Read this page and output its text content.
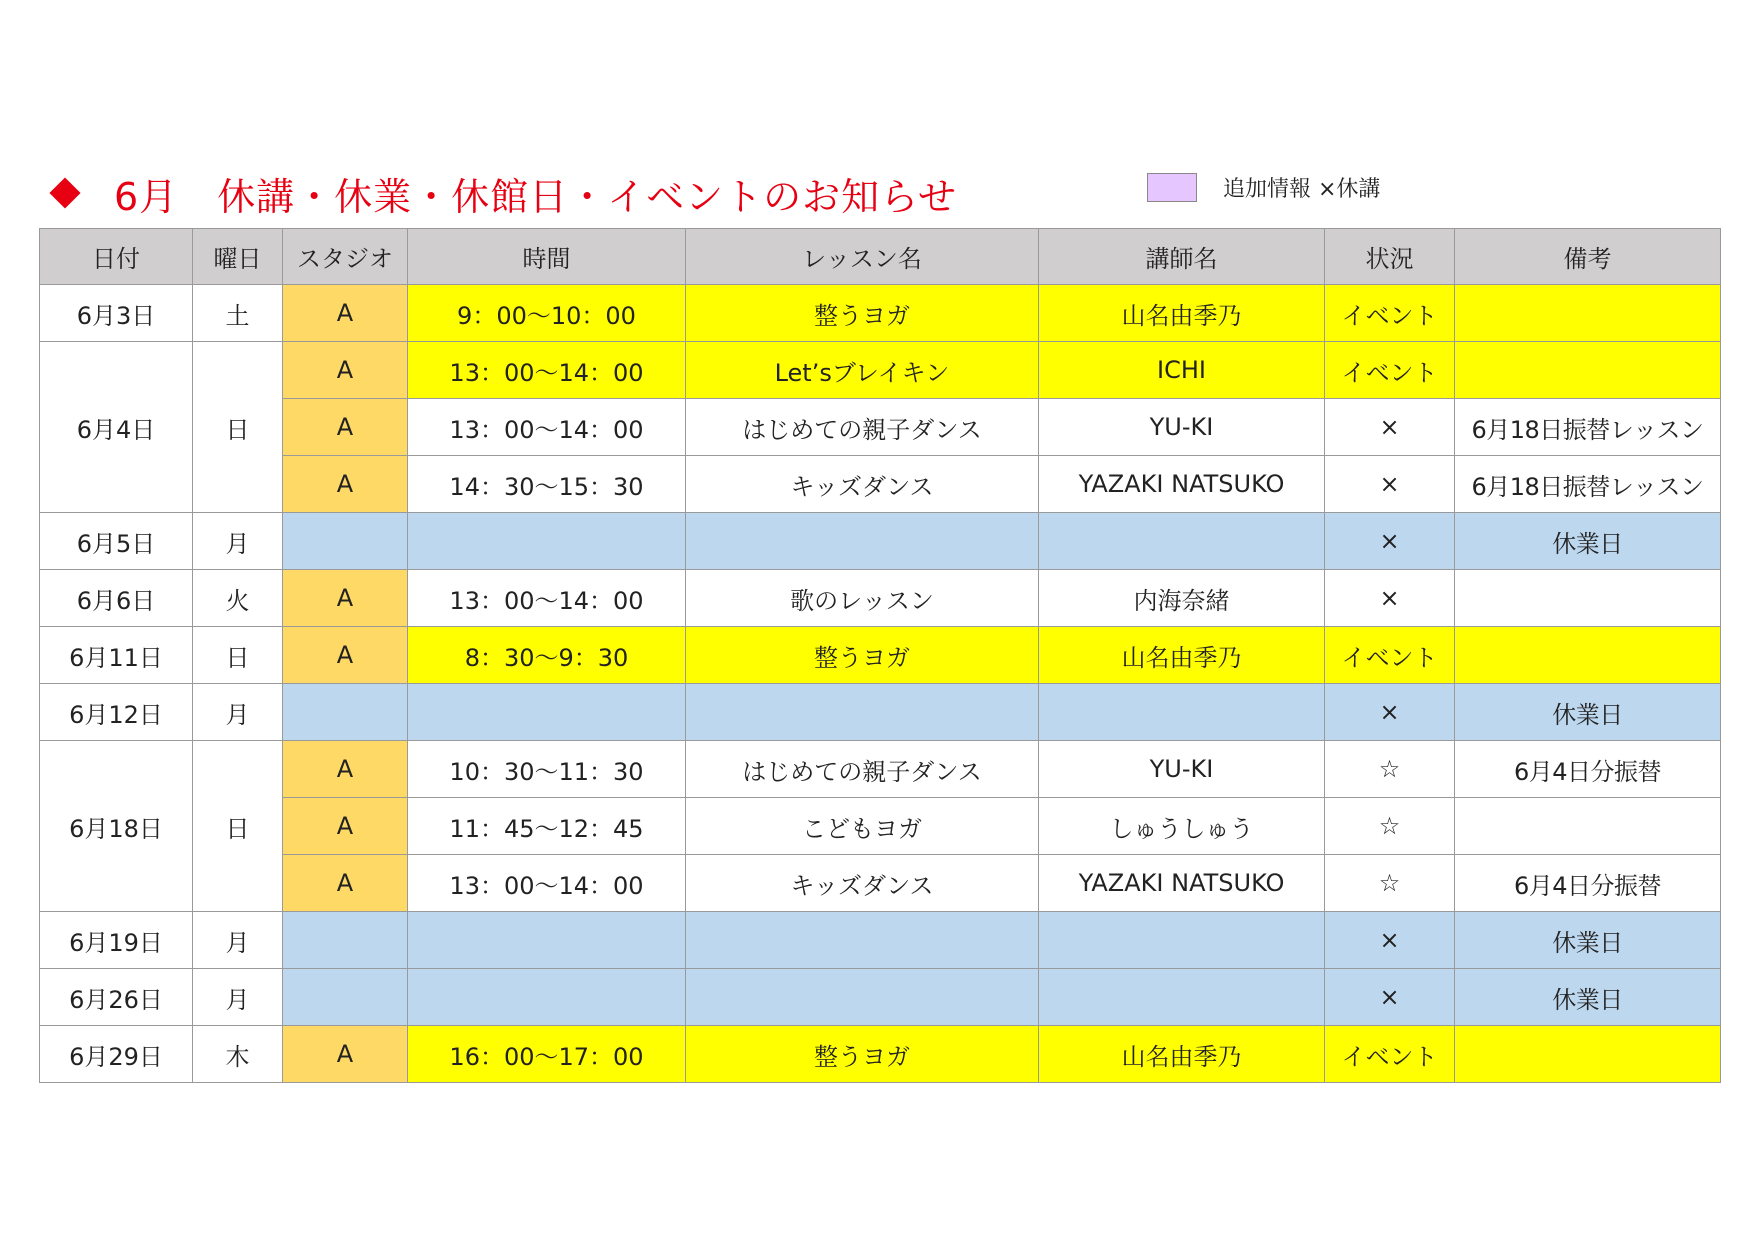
6月　休講・休業・休館日・イベントのお知らせ	追加情報 ×休講
日付	曜日	スタジオ	時間	レッスン名	講師名	状況	備考
6月3日	土	A	9：00～10：00	整うヨガ	山名由季乃	イベント	
6月4日	日	A	13：00～14：00	Let’sブレイキン	ICHI	イベント	
		A	13：00～14：00	はじめての親子ダンス	YU-KI	×	6月18日振替レッスン
		A	14：30～15：30	キッズダンス	YAZAKI NATSUKO	×	6月18日振替レッスン
6月5日	月					×	休業日
6月6日	火	A	13：00～14：00	歌のレッスン	内海奈緒	×	
6月11日	日	A	8：30～9：30	整うヨガ	山名由季乃	イベント	
6月12日	月					×	休業日
6月18日	日	A	10：30～11：30	はじめての親子ダンス	YU-KI	☆	6月4日分振替
		A	11：45～12：45	こどもヨガ	しゅうしゅう	☆	
		A	13：00～14：00	キッズダンス	YAZAKI NATSUKO	☆	6月4日分振替
6月19日	月					×	休業日
6月26日	月					×	休業日
6月29日	木	A	16：00～17：00	整うヨガ	山名由季乃	イベント	
